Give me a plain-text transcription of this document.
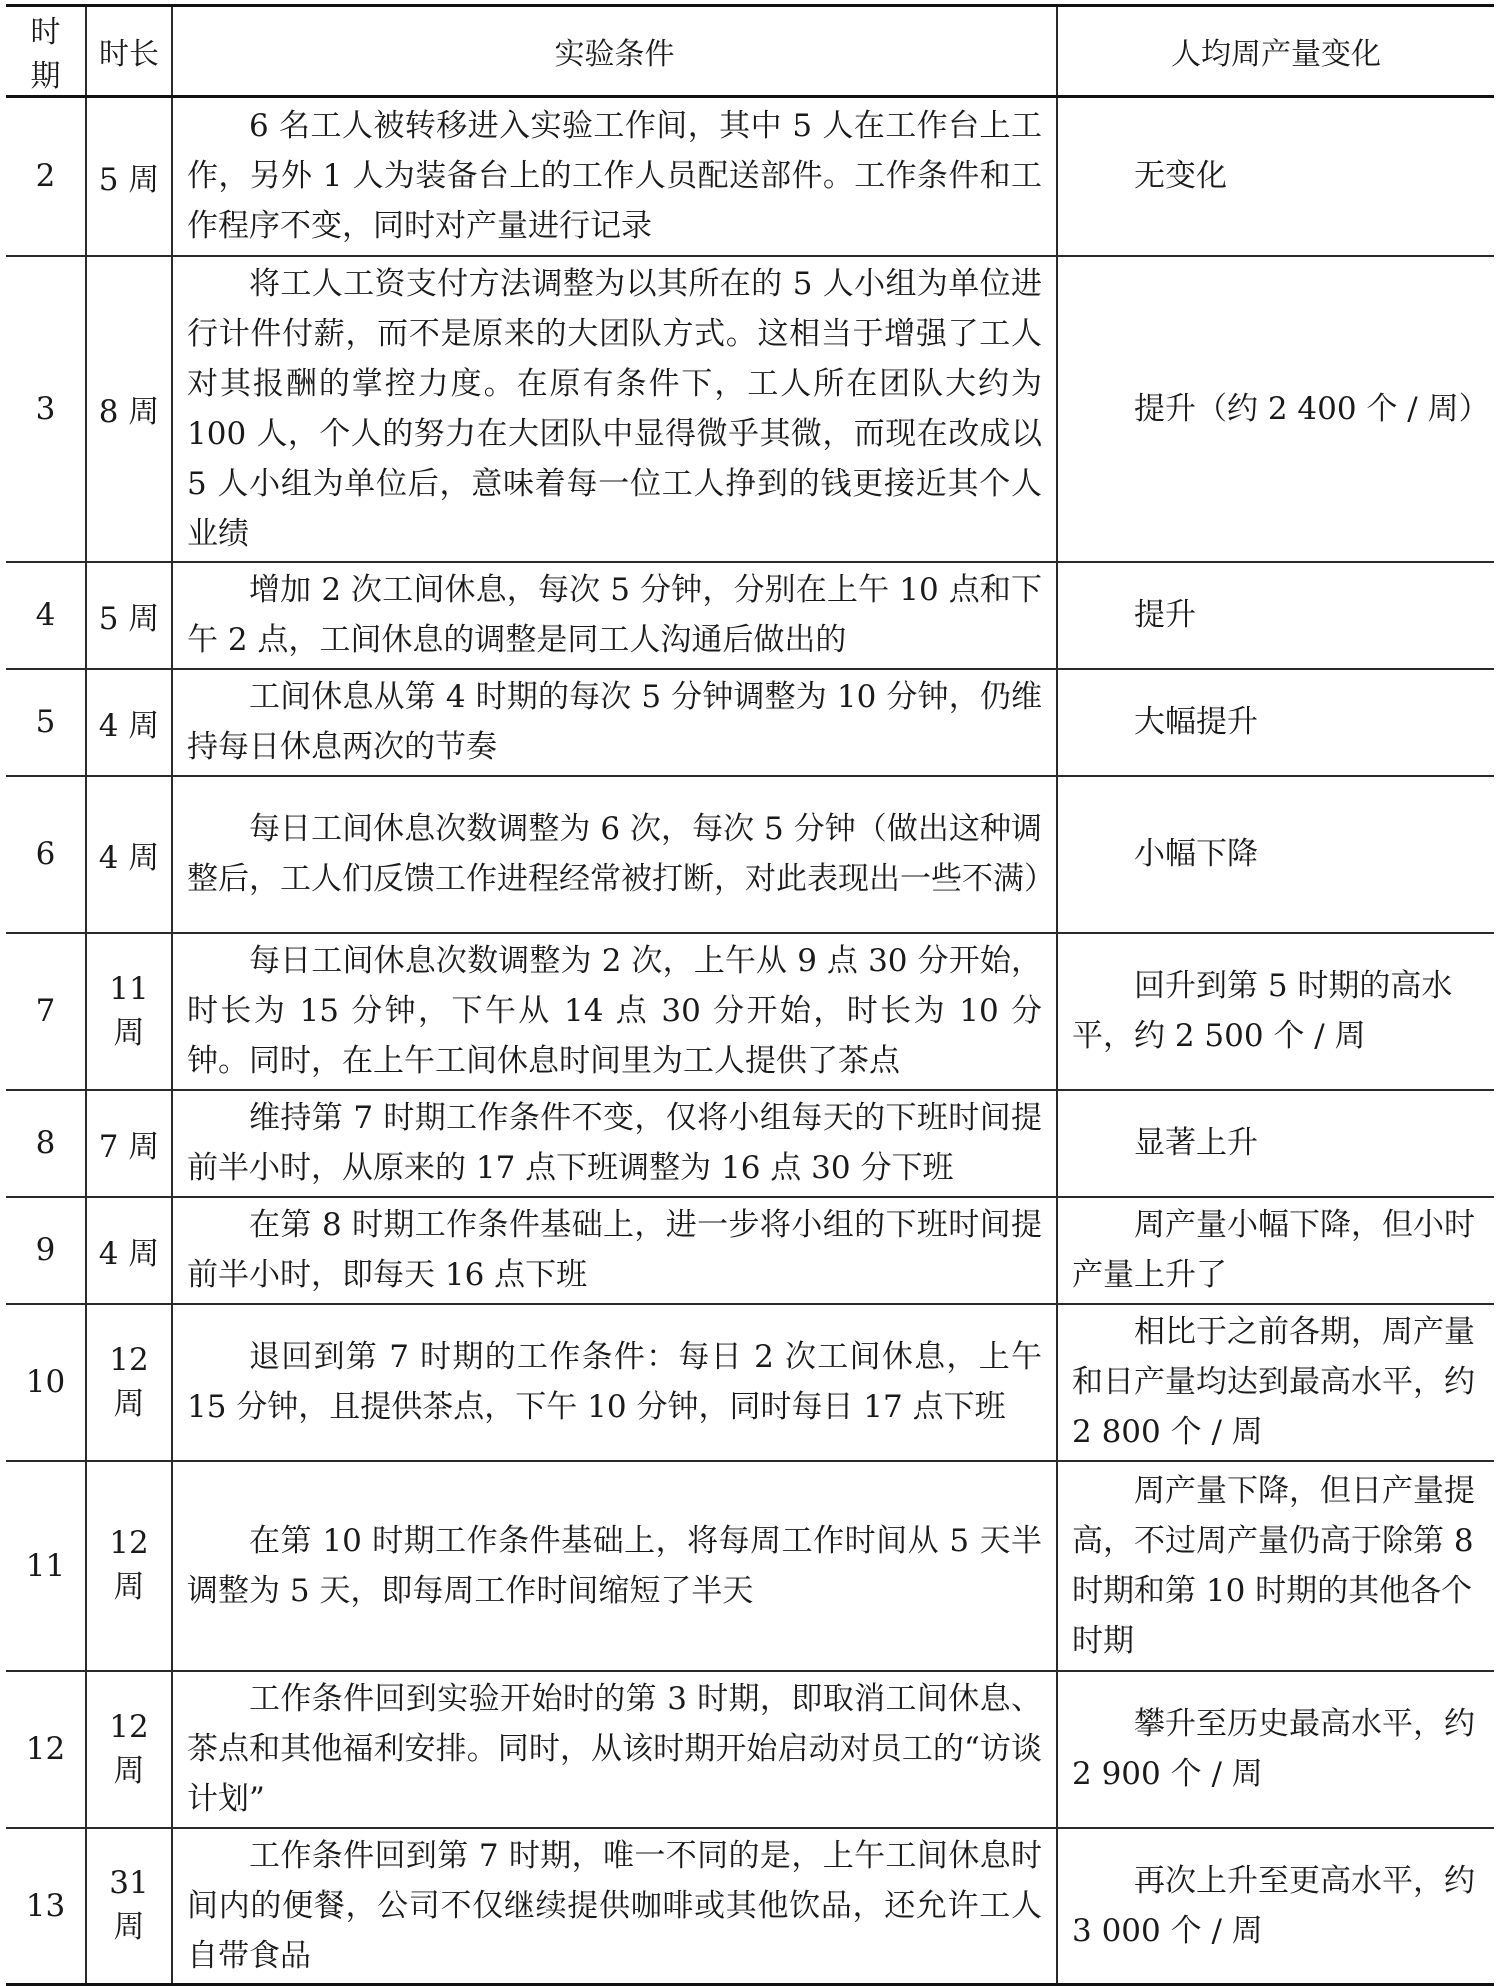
时期	时长	实验条件	人均周产量变化
2	5 周	6 名工人被转移进入实验工作间，其中 5 人在工作台上工作，另外 1 人为装备台上的工作人员配送部件。工作条件和工作程序不变，同时对产量进行记录	无变化

3	8 周	将工人工资支付方法调整为以其所在的 5 人小组为单位进行计件付薪，而不是原来的大团队方式。这相当于增强了工人对其报酬的掌控力度。在原有条件下，工人所在团队大约为 100 人，个人的努力在大团队中显得微乎其微，而现在改成以 5 人小组为单位后，意味着每一位工人挣到的钱更接近其个人业绩	提升（约 2 400 个 / 周）

4	5 周	增加 2 次工间休息，每次 5 分钟，分别在上午 10 点和下午 2 点，工间休息的调整是同工人沟通后做出的	提升

5	4 周	工间休息从第 4 时期的每次 5 分钟调整为 10 分钟，仍维持每日休息两次的节奏	大幅提升

6	4 周	每日工间休息次数调整为 6 次，每次 5 分钟（做出这种调整后，工人们反馈工作进程经常被打断，对此表现出一些不满）	小幅下降

7	11 周	每日工间休息次数调整为 2 次，上午从 9 点 30 分开始，时长为 15 分钟，下午从 14 点 30 分开始，时长为 10 分钟。同时，在上午工间休息时间里为工人提供了茶点	回升到第 5 时期的高水平，约 2 500 个 / 周

8	7 周	维持第 7 时期工作条件不变，仅将小组每天的下班时间提前半小时，从原来的 17 点下班调整为 16 点 30 分下班	显著上升

9	4 周	在第 8 时期工作条件基础上，进一步将小组的下班时间提前半小时，即每天 16 点下班	周产量小幅下降，但小时产量上升了

10	12 周	退回到第 7 时期的工作条件：每日 2 次工间休息，上午 15 分钟，且提供茶点，下午 10 分钟，同时每日 17 点下班	相比于之前各期，周产量和日产量均达到最高水平，约 2 800 个 / 周

11	12 周	在第 10 时期工作条件基础上，将每周工作时间从 5 天半调整为 5 天，即每周工作时间缩短了半天	周产量下降，但日产量提高，不过周产量仍高于除第 8 时期和第 10 时期的其他各个时期

12	12 周	工作条件回到实验开始时的第 3 时期，即取消工间休息、茶点和其他福利安排。同时，从该时期开始启动对员工的“访谈计划”	攀升至历史最高水平，约 2 900 个 / 周

13	31 周	工作条件回到第 7 时期，唯一不同的是，上午工间休息时间内的便餐，公司不仅继续提供咖啡或其他饮品，还允许工人自带食品	再次上升至更高水平，约 3 000 个 / 周
